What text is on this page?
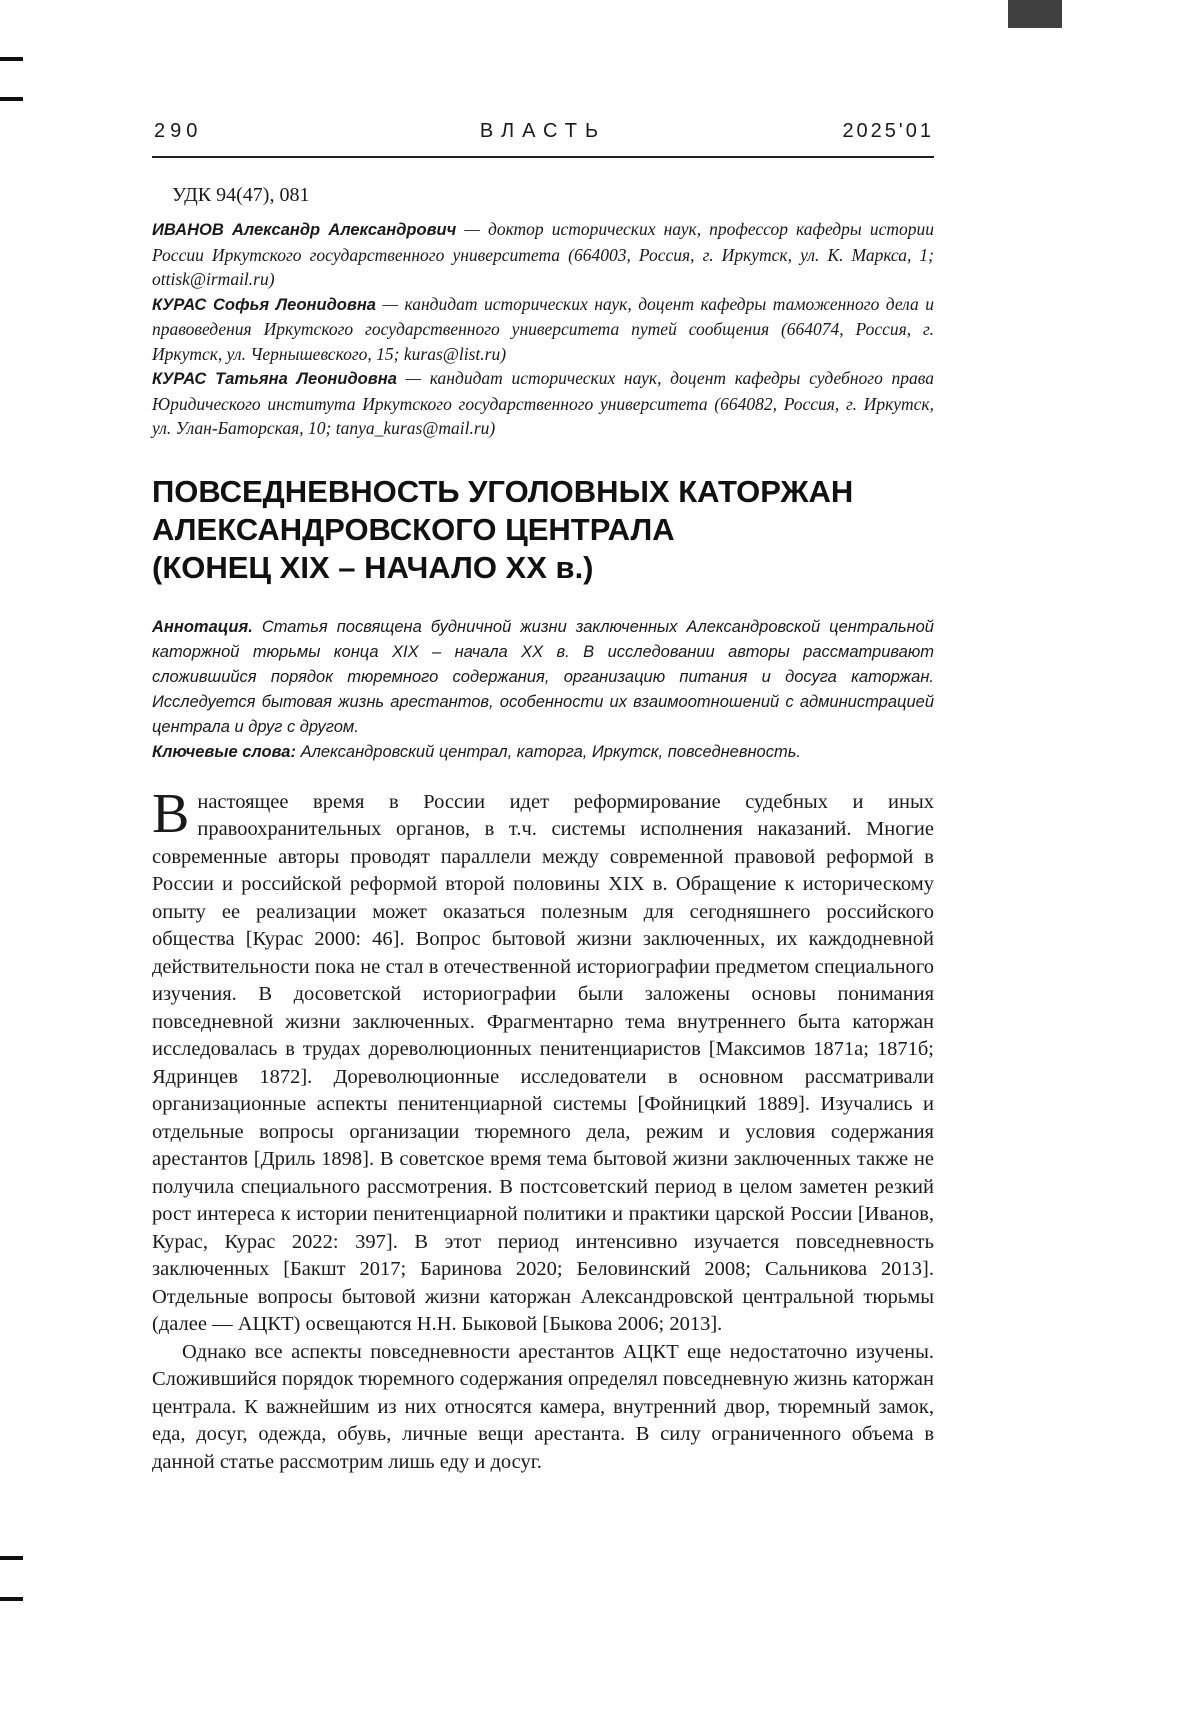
290	ВЛАСТЬ	2025'01
УДК 94(47), 081

ИВАНОВ Александр Александрович — доктор исторических наук, профессор кафедры истории России Иркутского государственного университета (664003, Россия, г. Иркутск, ул. К. Маркса, 1; ottisk@irmail.ru)

КУРАС Софья Леонидовна — кандидат исторических наук, доцент кафедры таможенного дела и правоведения Иркутского государственного университета путей сообщения (664074, Россия, г. Иркутск, ул. Чернышевского, 15; kuras@list.ru)

КУРАС Татьяна Леонидовна — кандидат исторических наук, доцент кафедры судебного права Юридического института Иркутского государственного университета (664082, Россия, г. Иркутск, ул. Улан-Баторская, 10; tanya_kuras@mail.ru)

ПОВСЕДНЕВНОСТЬ УГОЛОВНЫХ КАТОРЖАН
АЛЕКСАНДРОВСКОГО ЦЕНТРАЛА
(КОНЕЦ XIX – НАЧАЛО XX в.)

Аннотация. Статья посвящена будничной жизни заключенных Александровской центральной каторжной тюрьмы конца XIX – начала XX в. В исследовании авторы рассматривают сложившийся порядок тюремного содержания, организацию питания и досуга каторжан. Исследуется бытовая жизнь арестантов, особенности их взаимоотношений с администрацией централа и друг с другом.

Ключевые слова: Александровский централ, каторга, Иркутск, повседневность.

Внастоящее время в России идет реформирование судебных и иных правоохранительных органов, в т.ч. системы исполнения наказаний. Многие современные авторы проводят параллели между современной правовой реформой в России и российской реформой второй половины XIX в. Обращение к историческому опыту ее реализации может оказаться полезным для сегодняшнего российского общества [Курас 2000: 46]. Вопрос бытовой жизни заключенных, их каждодневной действительности пока не стал в отечественной историографии предметом специального изучения. В досоветской историографии были заложены основы понимания повседневной жизни заключенных. Фрагментарно тема внутреннего быта каторжан исследовалась в трудах дореволюционных пенитенциаристов [Максимов 1871а; 1871б; Ядринцев 1872]. Дореволюционные исследователи в основном рассматривали организационные аспекты пенитенциарной системы [Фойницкий 1889]. Изучались и отдельные вопросы организации тюремного дела, режим и условия содержания арестантов [Дриль 1898]. В советское время тема бытовой жизни заключенных также не получила специального рассмотрения. В постсоветский период в целом заметен резкий рост интереса к истории пенитенциарной политики и практики царской России [Иванов, Курас, Курас 2022: 397]. В этот период интенсивно изучается повседневность заключенных [Бакшт 2017; Баринова 2020; Беловинский 2008; Сальникова 2013]. Отдельные вопросы бытовой жизни каторжан Александровской центральной тюрьмы (далее — АЦКТ) освещаются Н.Н. Быковой [Быкова 2006; 2013].

Однако все аспекты повседневности арестантов АЦКТ еще недостаточно изучены. Сложившийся порядок тюремного содержания определял повседневную жизнь каторжан централа. К важнейшим из них относятся камера, внутренний двор, тюремный замок, еда, досуг, одежда, обувь, личные вещи арестанта. В силу ограниченного объема в данной статье рассмотрим лишь еду и досуг.
